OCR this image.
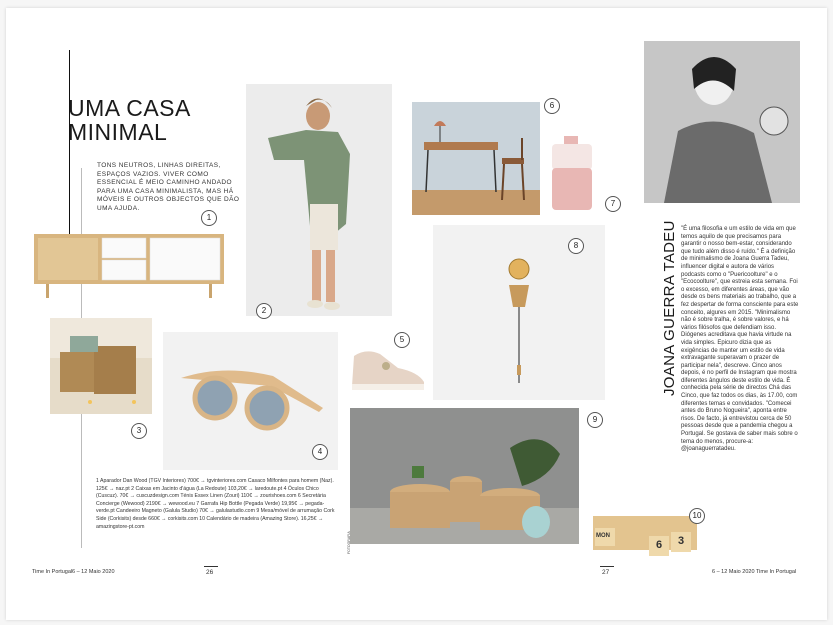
UMA CASA
MINIMAL
TONS NEUTROS, LINHAS DIREITAS, ESPAÇOS VAZIOS. VIVER COMO ESSENCIAL É MEIO CAMINHO ANDADO PARA UMA CASA MINIMALISTA, MAS HÁ MÓVEIS E OUTROS OBJECTOS QUE DÃO UMA AJUDA.
1
2
3
4
5
6
7
8
9
MON
6 3
10
JOANA GUERRA TADEU "É uma filosofia e um estilo de vida em que temos aquilo de que precisamos para garantir o nosso bem-estar, considerando que tudo além disso é ruído." É a definição de minimalismo de Joana Guerra Tadeu, influencer digital e autora de vários podcasts como o "Puericoolture" e o "Ecocoolture", que estreia esta semana. Foi o excesso, em diferentes áreas, que vão desde os bens materiais ao trabalho, que a fez despertar de forma consciente para este conceito, algures em 2015. "Minimalismo não é sobre tralha, é sobre valores, e há vários filósofos que defendiam isso. Diógenes acreditava que havia virtude na vida simples. Epicuro dizia que as exigências de manter um estilo de vida extravagante superavam o prazer de participar nela", descreve. Cinco anos depois, é no perfil de Instagram que mostra diferentes ângulos deste estilo de vida. É conhecida pela série de directos Chá das Cinco, que faz todos os dias, às 17.00, com diferentes temas e convidados. "Comecei antes do Bruno Nogueira", aponta entre risos. De facto, já entrevistou cerca de 50 pessoas desde que a pandemia chegou a Portugal. Se gostava de saber mais sobre o tema do menos, procure-a: @joanaguerratadeu.
1 Aparador Dan Wood (TGV Interiores) 700€ → tgvinteriores.com Casaco Milfontes para homem (Naz). 125€ → naz.pt 2 Caixas em Jacinto d'água (La Redoute) 103,20€ → laredoute.pt 4 Óculos Chico (Cuscuz). 70€ → cuscuzdesign.com Ténis Essex Linen (Zouri) 110€ → zourishoes.com 6 Secretária Concierge (Wewood) 2190€ → wewood.eu 7 Garrafa Hip Bottle (Pegada Verde) 19,95€ → pegada-verde.pt Candeeiro Magneto (Galula Studio) 70€ → galulastudio.com 9 Mesa/móvel de arrumação Cork Side (Corkisits) desde 660€ → corkisits.com 10 Calendário de madeira (Amazing Store). 16,25€ → amazingstore-pt.com
FOTOGRAFIA
Time In Portugal 6 – 12 Maio 2020	26	27	6 – 12 Maio 2020 Time In Portugal
